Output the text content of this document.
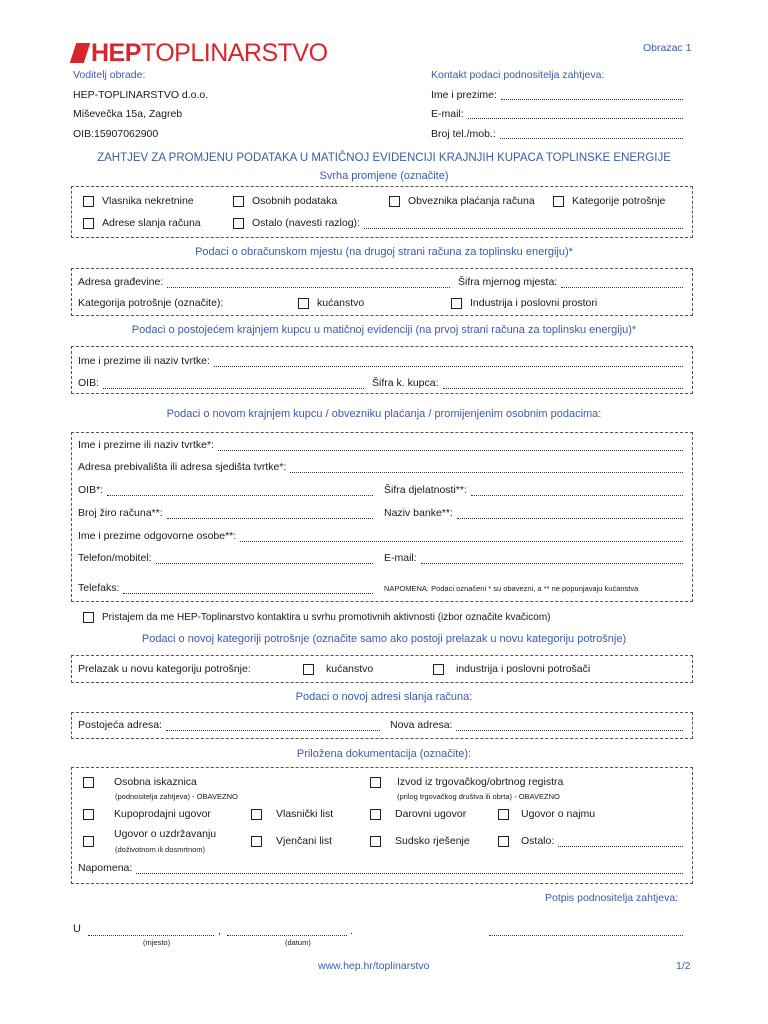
HEP TOPLINARSTVO	Obrazac 1
Voditelj obrade:
HEP-TOPLINARSTVO d.o.o.
Miševečka 15a, Zagreb
OIB:15907062900
Kontakt podaci podnositelja zahtjeva:
Ime i prezime:
E-mail:
Broj tel./mob.:
ZAHTJEV ZA PROMJENU PODATAKA U MATIČNOJ EVIDENCIJI KRAJNJIH KUPACA TOPLINSKE ENERGIJE
Svrha promjene (označite)
Vlasnika nekretnine	Osobnih podataka	Obveznika plaćanja računa	Kategorije potrošnje
Adrese slanja računa	Ostalo (navesti razlog):
Podaci o obračunskom mjestu (na drugoj strani računa za toplinsku energiju)*
Adresa građevine:	Šifra mjernog mjesta:
Kategorija potrošnje (označite):	kućanstvo	Industrija i poslovni prostori
Podaci o postojećem krajnjem kupcu u matičnoj evidenciji (na prvoj strani računa za toplinsku energiju)*
Ime i prezime ili naziv tvrtke:
OIB:	Šifra k. kupca:
Podaci o novom krajnjem kupcu / obvezniku plaćanja / promijenjenim osobnim podacima:
Ime i prezime ili naziv tvrtke*:
Adresa prebivališta ili adresa sjedišta tvrtke*:
OIB*:	Šifra djelatnosti**:
Broj žiro računa**:	Naziv banke**:
Ime i prezime odgovorne osobe**:
Telefon/mobitel:	E-mail:
Telefaks:	NAPOMENA: Podaci označeni * su obavezni, a ** ne popunjavaju kućanstva
Pristajem da me HEP-Toplinarstvo kontaktira u svrhu promotivnih aktivnosti (izbor označite kvačicom)
Podaci o novoj kategoriji potrošnje (označite samo ako postoji prelazak u novu kategoriju potrošnje)
Prelazak u novu kategoriju potrošnje:	kućanstvo	industrija i poslovni potrošači
Podaci o novoj adresi slanja računa:
Postojeća adresa:	Nova adresa:
Priložena dokumentacija (označite):
Osobna iskaznica
(podnositelja zahtjeva) - OBAVEZNO
Izvod iz trgovačkog/obrtnog registra
(prilog trgovačkog društva ili obrta) - OBAVEZNO
Kupoprodajni ugovor	Vlasnički list	Darovni ugovor	Ugovor o najmu
Ugovor o uzdržavanju
(doživotnom ili dosmrtnom)
Vjenčani list	Sudsko rješenje	Ostalo:
Napomena:
Potpis podnositelja zahtjeva:
U	,	.
(mjesto)	(datum)
www.hep.hr/toplinarstvo	1/2
